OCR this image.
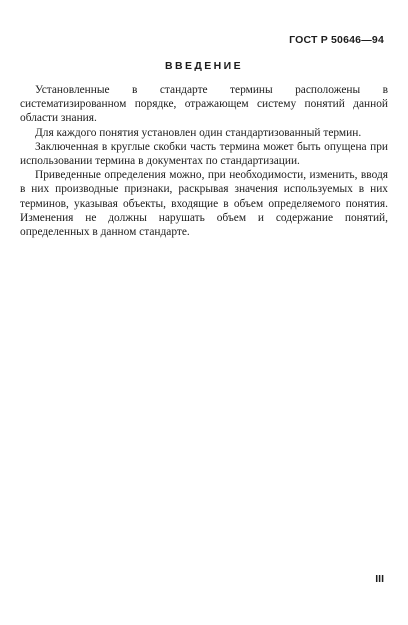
ГОСТ Р 50646—94
ВВЕДЕНИЕ

Установленные в стандарте термины расположены в систематизированном порядке, отражающем систему понятий данной области знания.

Для каждого понятия установлен один стандартизованный термин.

Заключенная в круглые скобки часть термина может быть опущена при использовании термина в документах по стандартизации.

Приведенные определения можно, при необходимости, изменить, вводя в них производные признаки, раскрывая значения используемых в них терминов, указывая объекты, входящие в объем определяемого понятия. Изменения не должны нарушать объем и содержание понятий, определенных в данном стандарте.

III
